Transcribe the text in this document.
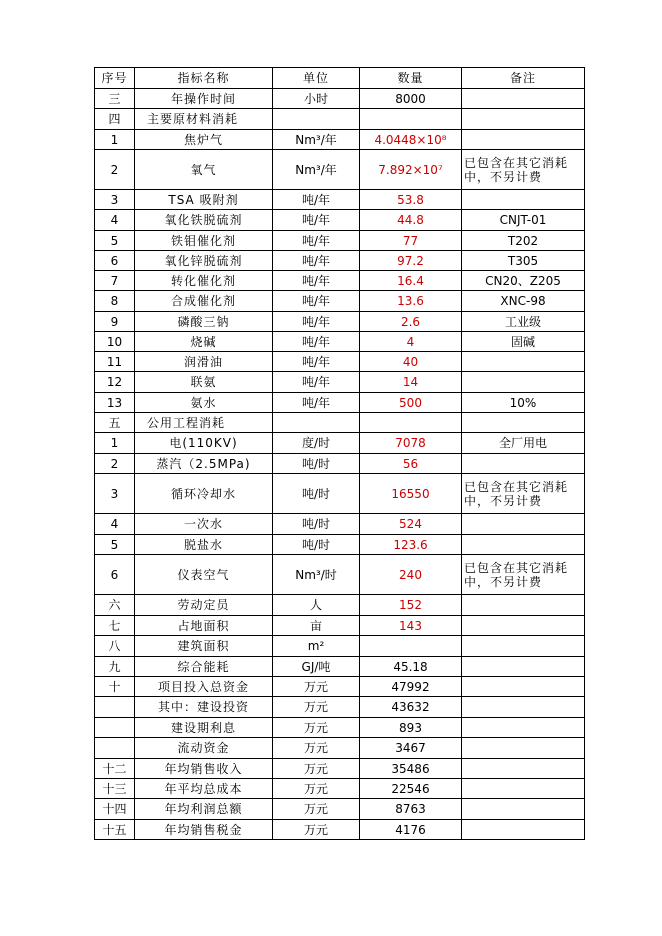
序号	指标名称	单位	数量	备注
三	年操作时间	小时	8000	
四	主要原材料消耗			
1	焦炉气	Nm³/年	4.0448×10⁸	
2	氧气	Nm³/年	7.892×10⁷	已包含在其它消耗中，不另计费
3	TSA 吸附剂	吨/年	53.8	
4	氧化铁脱硫剂	吨/年	44.8	CNJT-01
5	铁钼催化剂	吨/年	77	T202
6	氧化锌脱硫剂	吨/年	97.2	T305
7	转化催化剂	吨/年	16.4	CN20、Z205
8	合成催化剂	吨/年	13.6	XNC-98
9	磷酸三钠	吨/年	2.6	工业级
10	烧碱	吨/年	4	固碱
11	润滑油	吨/年	40	
12	联氨	吨/年	14	
13	氨水	吨/年	500	10%
五	公用工程消耗			
1	电(110KV)	度/时	7078	全厂用电
2	蒸汽（2.5MPa)	吨/时	56	
3	循环冷却水	吨/时	16550	已包含在其它消耗中，不另计费
4	一次水	吨/时	524	
5	脱盐水	吨/时	123.6	
6	仪表空气	Nm³/时	240	已包含在其它消耗中，不另计费
六	劳动定员	人	152	
七	占地面积	亩	143	
八	建筑面积	m²		
九	综合能耗	GJ/吨	45.18	
十	项目投入总资金	万元	47992	
	其中：建设投资	万元	43632	
	建设期利息	万元	893	
	流动资金	万元	3467	
十二	年均销售收入	万元	35486	
十三	年平均总成本	万元	22546	
十四	年均利润总额	万元	8763	
十五	年均销售税金	万元	4176	
